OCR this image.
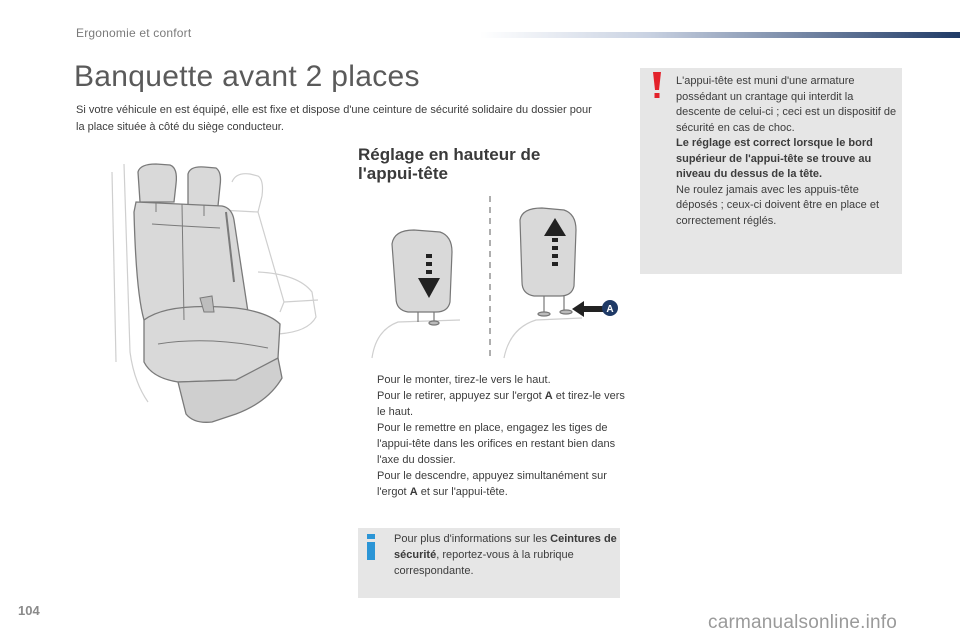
Ergonomie et confort
Banquette avant 2 places
Si votre véhicule en est équipé, elle est fixe et dispose d'une ceinture de sécurité solidaire du dossier pour la place située à côté du siège conducteur.
Réglage en hauteur de l'appui-tête
A
Pour le monter, tirez-le vers le haut.
Pour le retirer, appuyez sur l'ergot A et tirez-le vers le haut.
Pour le remettre en place, engagez les tiges de l'appui-tête dans les orifices en restant bien dans l'axe du dossier.
Pour le descendre, appuyez simultanément sur l'ergot A et sur l'appui-tête.
Pour plus d'informations sur les Ceintures de sécurité, reportez-vous à la rubrique correspondante.
L'appui-tête est muni d'une armature possédant un crantage qui interdit la descente de celui-ci ; ceci est un dispositif de sécurité en cas de choc.
Le réglage est correct lorsque le bord supérieur de l'appui-tête se trouve au niveau du dessus de la tête.
Ne roulez jamais avec les appuis-tête déposés ; ceux-ci doivent être en place et correctement réglés.
104
carmanualsonline.info
